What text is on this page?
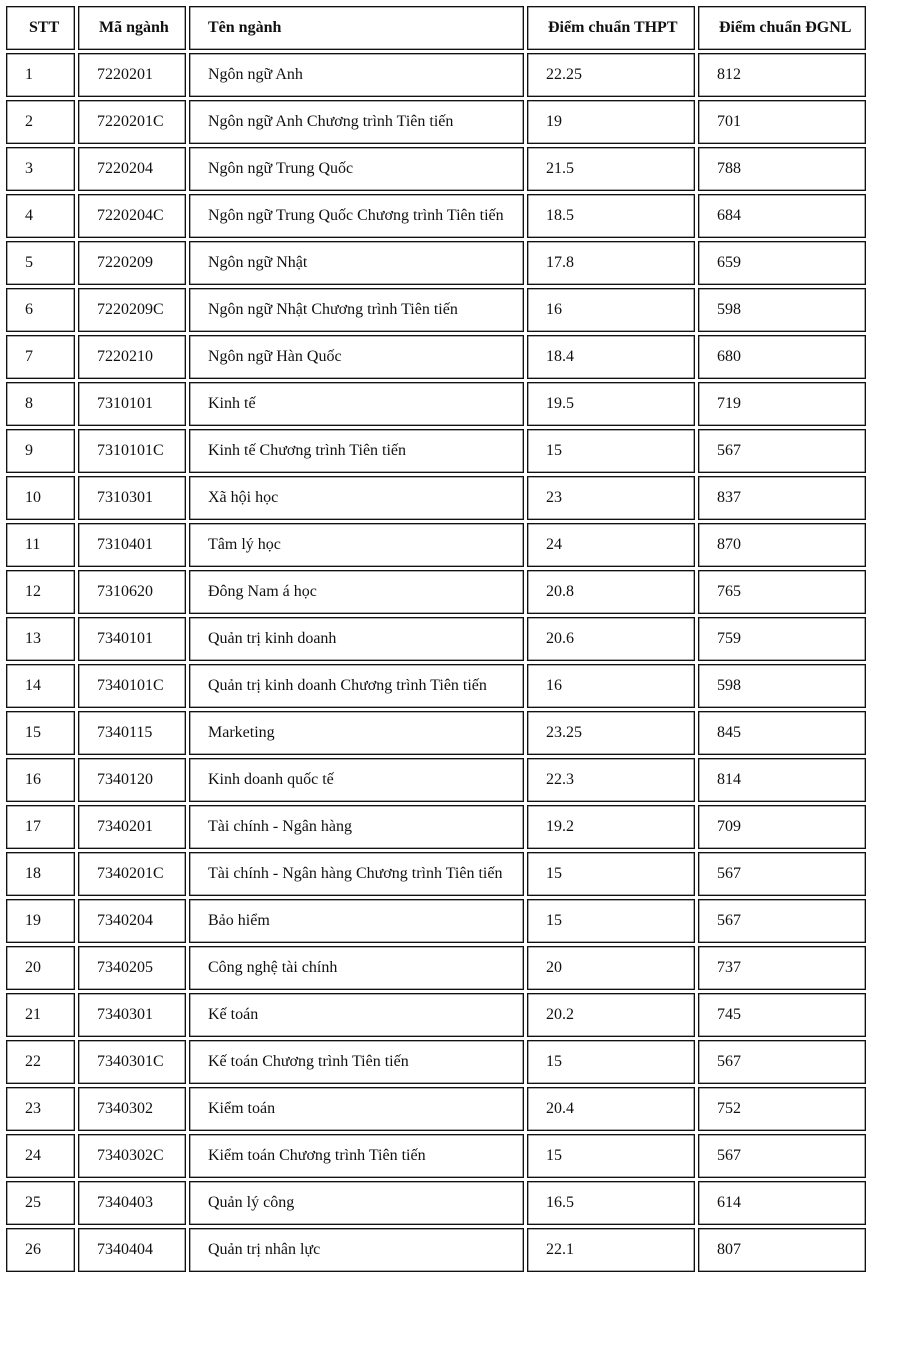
STT	Mã ngành	Tên ngành	Điểm chuẩn THPT	Điểm chuẩn ĐGNL
1	7220201	Ngôn ngữ Anh	22.25	812
2	7220201C	Ngôn ngữ Anh Chương trình Tiên tiến	19	701
3	7220204	Ngôn ngữ Trung Quốc	21.5	788
4	7220204C	Ngôn ngữ Trung Quốc Chương trình Tiên tiến	18.5	684
5	7220209	Ngôn ngữ Nhật	17.8	659
6	7220209C	Ngôn ngữ Nhật Chương trình Tiên tiến	16	598
7	7220210	Ngôn ngữ Hàn Quốc	18.4	680
8	7310101	Kinh tế	19.5	719
9	7310101C	Kinh tế Chương trình Tiên tiến	15	567
10	7310301	Xã hội học	23	837
11	7310401	Tâm lý học	24	870
12	7310620	Đông Nam á học	20.8	765
13	7340101	Quản trị kinh doanh	20.6	759
14	7340101C	Quản trị kinh doanh Chương trình Tiên tiến	16	598
15	7340115	Marketing	23.25	845
16	7340120	Kinh doanh quốc tế	22.3	814
17	7340201	Tài chính - Ngân hàng	19.2	709
18	7340201C	Tài chính - Ngân hàng Chương trình Tiên tiến	15	567
19	7340204	Bảo hiểm	15	567
20	7340205	Công nghệ tài chính	20	737
21	7340301	Kế toán	20.2	745
22	7340301C	Kế toán Chương trình Tiên tiến	15	567
23	7340302	Kiểm toán	20.4	752
24	7340302C	Kiểm toán Chương trình Tiên tiến	15	567
25	7340403	Quản lý công	16.5	614
26	7340404	Quản trị nhân lực	22.1	807
